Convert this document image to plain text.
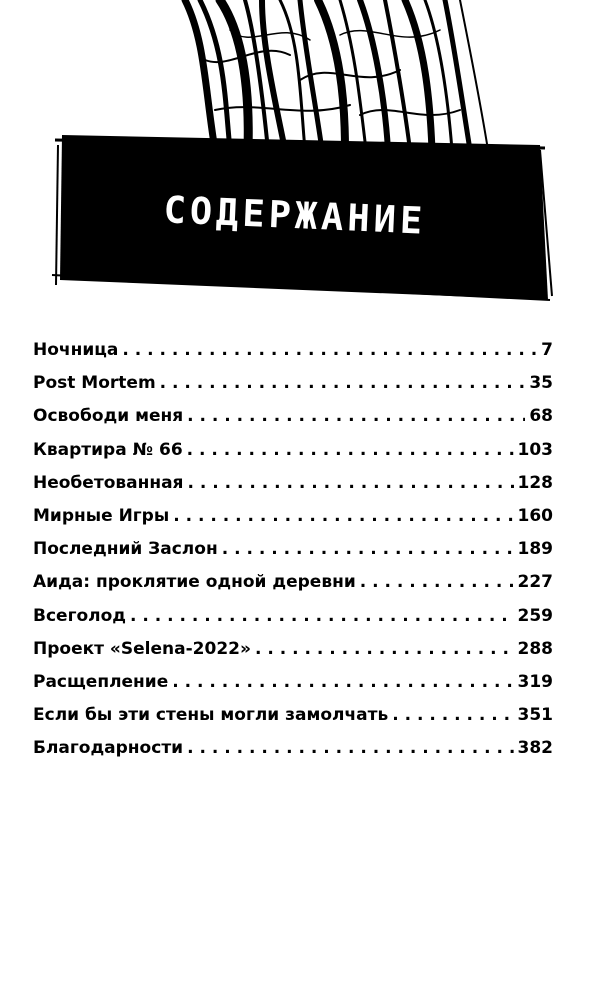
СОДЕРЖАНИЕ
Ночница . . .	7
Post Mortem . . .	35
Освободи меня . . .	68
Квартира № 66 . . .	103
Необетованная . . .	128
Мирные Игры . . .	160
Последний Заслон . . .	189
Аида: проклятие одной деревни . . .	227
Всеголод . . .	259
Проект «Selena-2022» . . .	288
Расщепление . . .	319
Если бы эти стены могли замолчать . . .	351
Благодарности . . .	382
